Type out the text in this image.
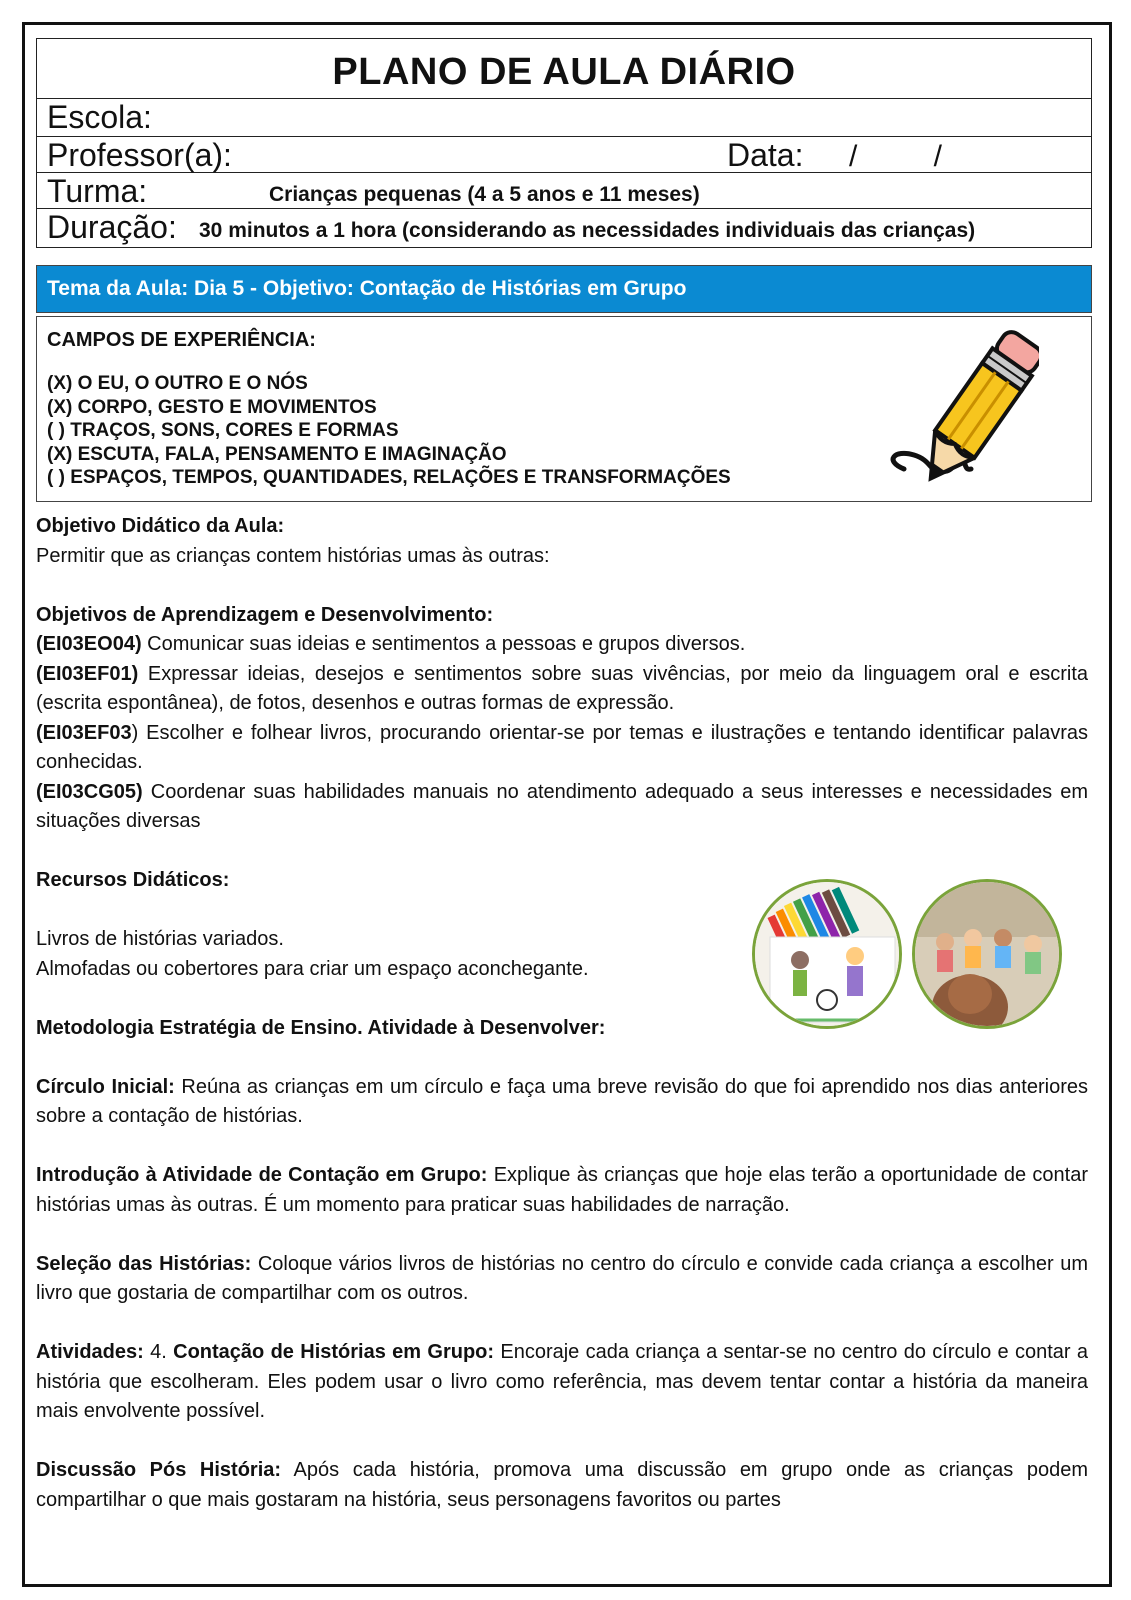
PLANO DE AULA DIÁRIO
Escola:
Professor(a):	Data: / /
Turma:	Crianças pequenas (4 a 5 anos e 11 meses)
Duração: 30 minutos a 1 hora (considerando as necessidades individuais das crianças)
Tema da Aula: Dia 5 - Objetivo: Contação de Histórias em Grupo
CAMPOS DE EXPERIÊNCIA:
(X) O EU, O OUTRO E O NÓS
(X) CORPO, GESTO E MOVIMENTOS
( ) TRAÇOS, SONS, CORES E FORMAS
(X) ESCUTA, FALA, PENSAMENTO E IMAGINAÇÃO
( ) ESPAÇOS, TEMPOS, QUANTIDADES, RELAÇÕES E TRANSFORMAÇÕES

Objetivo Didático da Aula:

Permitir que as crianças contem histórias umas às outras:

Objetivos de Aprendizagem e Desenvolvimento:

(EI03EO04) Comunicar suas ideias e sentimentos a pessoas e grupos diversos.

(EI03EF01) Expressar ideias, desejos e sentimentos sobre suas vivências, por meio da linguagem oral e escrita (escrita espontânea), de fotos, desenhos e outras formas de expressão.

(EI03EF03) Escolher e folhear livros, procurando orientar-se por temas e ilustrações e tentando identificar palavras conhecidas.

(EI03CG05) Coordenar suas habilidades manuais no atendimento adequado a seus interesses e necessidades em situações diversas

Recursos Didáticos:

Livros de histórias variados.

Almofadas ou cobertores para criar um espaço aconchegante.

Metodologia Estratégia de Ensino. Atividade à Desenvolver:

Círculo Inicial: Reúna as crianças em um círculo e faça uma breve revisão do que foi aprendido nos dias anteriores sobre a contação de histórias.

Introdução à Atividade de Contação em Grupo: Explique às crianças que hoje elas terão a oportunidade de contar histórias umas às outras. É um momento para praticar suas habilidades de narração.

Seleção das Histórias: Coloque vários livros de histórias no centro do círculo e convide cada criança a escolher um livro que gostaria de compartilhar com os outros.

Atividades: 4. Contação de Histórias em Grupo: Encoraje cada criança a sentar-se no centro do círculo e contar a história que escolheram. Eles podem usar o livro como referência, mas devem tentar contar a história da maneira mais envolvente possível.

Discussão Pós História: Após cada história, promova uma discussão em grupo onde as crianças podem compartilhar o que mais gostaram na história, seus personagens favoritos ou partes
